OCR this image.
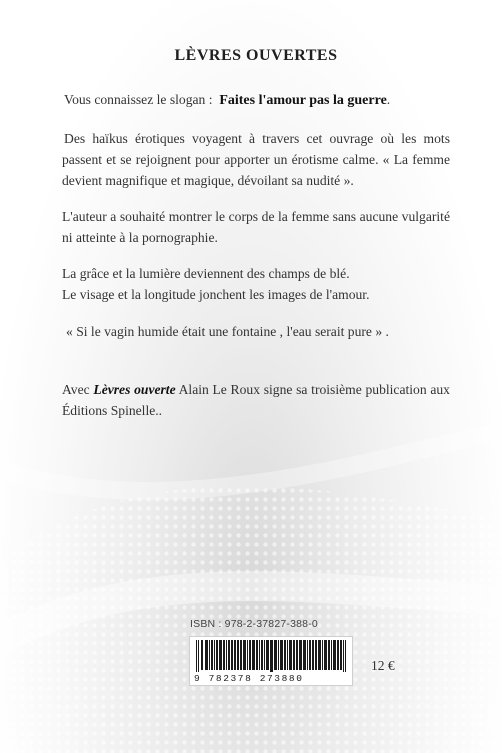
LÈVRES OUVERTES

Vous connaissez le slogan : Faites l'amour pas la guerre.

Des haïkus érotiques voyagent à travers cet ouvrage où les mots passent et se rejoignent pour apporter un érotisme calme. « La femme devient magnifique et magique, dévoilant sa nudité ».

L'auteur a souhaité montrer le corps de la femme sans aucune vulgarité ni atteinte à la pornographie.

La grâce et la lumière deviennent des champs de blé.
Le visage et la longitude jonchent les images de l'amour.

« Si le vagin humide était une fontaine , l'eau serait pure » .

Avec Lèvres ouverte Alain Le Roux signe sa troisième publication aux Éditions Spinelle..

ISBN : 978-2-37827-388-0

9 782378 273880

12 €
